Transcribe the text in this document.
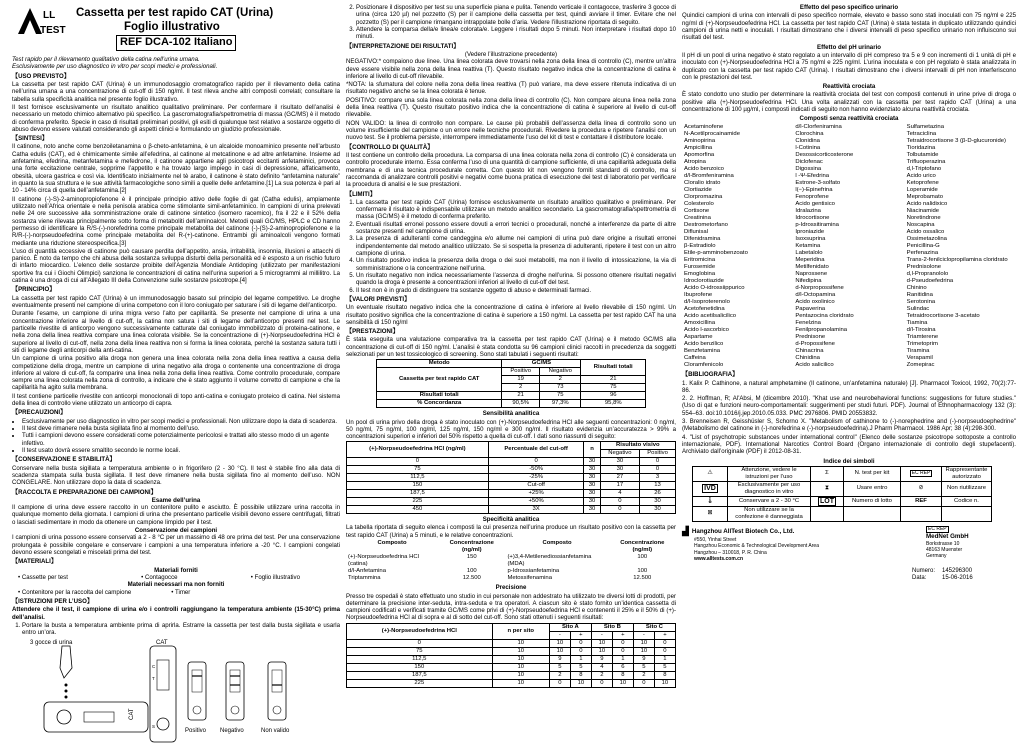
LL
TEST
Cassetta per test rapido CAT (Urina)
Foglio illustrativo
REF DCA-102 Italiano

Test rapido per il rilevamento qualitativo della catina nell’urina umana.
Esclusivamente per uso diagnostico in vitro per scopi medici e professionali.

【USO PREVISTO】

La cassetta per test rapido CAT (Urina) è un immunodosaggio cromatografico rapido per il rilevamento della catina nell’urina umana a una concentrazione di cut-off di 150 ng/ml. Il test rileva anche altri composti correlati; consultare la tabella sulla specificità analitica nel presente foglio illustrativo.

Il test fornisce esclusivamente un risultato analitico qualitativo preliminare. Per confermare il risultato dell’analisi è necessario un metodo chimico alternativo più specifico. La gascromatografia/spettrometria di massa (GC/MS) è il metodo di conferma preferito. Specie in caso di risultati preliminari positivi, gli esiti di qualunque test relativo a sostanze oggetto di abuso devono essere valutati considerando gli aspetti clinici e formulando un giudizio professionale.

【SINTESI】

Il catinone, noto anche come benzoiletanamina o β-cheto-anfetamina, è un alcaloide monoaminico presente nell’arbusto Catha edulis (CAT), ed è chimicamente simile all’efedrina, al catinone al metcatinone e ad altre anfetamine. Insieme ad anfetamina, efedrina, metanfetamina e mefedrone, il catinone appartiene agli psicotropi eccitanti anfetaminici, provoca una forte eccitazione centrale, sopprime l’appetito e ha trovato largo impiego in casi di depressione, affaticamento, obesità, ulcera gastrica e così via. Identificato inizialmente nel tè arabo, il catinone è stato definito “anfetamina naturale” in quanto la sua struttura e le sue attività farmacologiche sono simili a quelle delle anfetamine.[1] La sua potenza è pari al 10 - 14% circa di quella dell’anfetamina.[2]

Il catinone (-)-S)-2-aminopropiofenone è il principale principio attivo delle foglie di gat (Catha edulis), ampiamente utilizzato nell’Africa orientale e nella penisola arabica come stimolante simil-anfetaminico. In campioni di urina prelevati nelle 24 ore successive alla somministrazione orale di catinone sintetico (isomero racemico), fra il 22 e il 52% della sostanza viene rilevata principalmente sotto forma di metaboliti dell’aminoalcol. Metodi quali GC/MS, HPLC e CD hanno permesso di identificare la R/S-(-)-norefedrina come principale metabolita del catinone (-)-(S)-2-aminopropiofenone e la R/R-(-)-norpseudoefedrina come principale metabolita del R-(+)-catinone. Entrambi gli aminoalcoli vengono formati mediante una riduzione stereospecifica.[3]

L’uso di quantità eccessive di catinone può causare perdita dell’appetito, ansia, irritabilità, insonnia, illusioni e attacchi di panico. È noto da tempo che chi abusa della sostanza sviluppa disturbi della personalità ed è esposto a un rischio futuro di infarto miocardico. L’elenco delle sostanze proibite dell’Agenzia Mondiale Antidoping (utilizzato per manifestazioni sportive fra cui i Giochi Olimpici) sanziona le concentrazioni di catina nell’urina superiori a 5 microgrammi al millilitro. La catina è una droga di cui all’Allegato III della Convenzione sulle sostanze psicotrope.[4]

【PRINCIPIO】

La cassetta per test rapido CAT (Urina) è un immunodosaggio basato sul principio del legame competitivo. Le droghe eventualmente presenti nel campione di urina competono con il loro coniugato per saturare i siti di legame dell’anticorpo.

Durante l’esame, un campione di urina migra verso l’alto per capillarità. Se presente nel campione di urina a una concentrazione inferiore al livello di cut-off, la catina non satura i siti di legame dell’anticorpo presenti nel test. Le particelle rivestite di anticorpo vengono successivamente catturate dal coniugato immobilizzato di proteina-catinone, e nella zona della linea reattiva compare una linea colorata visibile. Se la concentrazione di (+)-Norpseudoefedrina HCl è superiore al livello di cut-off, nella zona della linea reattiva non si forma la linea colorata, perché la sostanza satura tutti i siti di legame degli anticorpi della anti-catina.

Un campione di urina positivo alla droga non genera una linea colorata nella zona della linea reattiva a causa della competizione della droga, mentre un campione di urina negativo alla droga o contenente una concentrazione di droga inferiore al valore di cut-off, fa comparire una linea nella zona della linea reattiva. Come controllo procedurale, compare sempre una linea colorata nella zona di controllo, a indicare che è stato aggiunto il volume corretto di campione e che la capillarità ha agito sulla membrana.

Il test contiene particelle rivestite con anticorpi monoclonali di topo anti-catina e coniugato proteico di catina. Nel sistema della linea di controllo viene utilizzato un anticorpo di capra.

【PRECAUZIONI】
• Esclusivamente per uso diagnostico in vitro per scopi medici e professionali. Non utilizzare dopo la data di scadenza.
• Il test deve rimanere nella busta sigillata fino al momento dell’uso.
• Tutti i campioni devono essere considerati come potenzialmente pericolosi e trattati allo stesso modo di un agente infettivo.
• Il test usato dovrà essere smaltito secondo le norme locali.
【CONSERVAZIONE E STABILITÀ】

Conservare nella busta sigillata a temperatura ambiente o in frigorifero (2 - 30 °C). Il test è stabile fino alla data di scadenza stampata sulla busta sigillata. Il test deve rimanere nella busta sigillata fino al momento dell’uso. NON CONGELARE. Non utilizzare dopo la data di scadenza.

【RACCOLTA E PREPARAZIONE DEI CAMPIONI】
Esame dell’urina

Il campione di urina deve essere raccolto in un contenitore pulito e asciutto. È possibile utilizzare urina raccolta in qualunque momento della giornata. I campioni di urina che presentano particelle visibili devono essere centrifugati, filtrati o lasciati sedimentare in modo da ottenere un campione limpido per il test.

Conservazione dei campioni

I campioni di urina possono essere conservati a 2 - 8 °C per un massimo di 48 ore prima del test. Per una conservazione prolungata è possibile congelare e conservare i campioni a una temperatura inferiore a -20 °C. I campioni congelati devono essere scongelati e miscelati prima del test.

【MATERIALI】
Materiali forniti
• Cassette per test	• Contagocce	• Foglio illustrativo
Materiali necessari ma non forniti
• Contenitore per la raccolta del campione	• Timer
【ISTRUZIONI PER L’USO】

Attendere che il test, il campione di urina e/o i controlli raggiungano la temperatura ambiente (15-30°C) prima dell’analisi.

1. Portare la busta a temperatura ambiente prima di aprirla. Estrarre la cassetta per test dalla busta sigillata e usarla entro un’ora.
3 gocce di urina
CAT
CAT
C
T
S
Positivo Negativo	Non valido
2. Posizionare il dispositivo per test su una superficie piana e pulita. Tenendo verticale il contagocce, trasferire 3 gocce di urina (circa 120 µl) nel pozzetto (S) per il campione della cassetta per test, quindi avviare il timer. Evitare che nel pozzetto (S) per il campione rimangano intrappolate bolle d’aria. Vedere l’illustrazione riportata di seguito.
3. Attendere la comparsa della/e linea/e colorata/e. Leggere i risultati dopo 5 minuti. Non interpretare i risultati dopo 10 minuti.
【INTERPRETAZIONE DEI RISULTATI】
(Vedere l’illustrazione precedente)

NEGATIVO:* compaiono due linee. Una linea colorata deve trovarsi nella zona della linea di controllo (C), mentre un’altra deve essere visibile nella zona della linea reattiva (T). Questo risultato negativo indica che la concentrazione di catina è inferiore al livello di cut-off rilevabile.

*NOTA: la sfumatura del colore nella zona della linea reattiva (T) può variare, ma deve essere ritenuta indicativa di un risultato negativo anche se la linea colorata è tenue.

POSITIVO: compare una sola linea colorata nella zona della linea di controllo (C). Non compare alcuna linea nella zona della linea reattiva (T). Questo risultato positivo indica che la concentrazione di catina è superiore al livello di cut-off rilevabile.

NON VALIDO: la linea di controllo non compare. Le cause più probabili dell’assenza della linea di controllo sono un volume insufficiente del campione o un errore nelle tecniche procedurali. Rivedere la procedura e ripetere l’analisi con un nuovo test. Se il problema persiste, interrompere immediatamente l’uso del kit di test e contattare il distributore locale.

【CONTROLLO DI QUALITÀ】

Il test contiene un controllo della procedura. La comparsa di una linea colorata nella zona di controllo (C) è considerata un controllo procedurale interno. Essa conferma l’uso di una quantità di campione sufficiente, di una capillarità adeguata della membrana e di una tecnica procedurale corretta. Con questo kit non vengono forniti standard di controllo, ma si raccomanda di analizzare controlli positivi e negativi come buona pratica di esecuzione dei test di laboratorio per verificare la procedura di analisi e le sue prestazioni.

【LIMITI】
1. La cassetta per test rapido CAT (Urina) fornisce esclusivamente un risultato analitico qualitativo e preliminare. Per confermare il risultato è indispensabile utilizzare un metodo analitico secondario. La gascromatografia/spettrometria di massa (GC/MS) è il metodo di conferma preferito.
2. Eventuali risultati erronei possono essere dovuti a errori tecnici o procedurali, nonché a interferenze da parte di altre sostanze presenti nel campione di urina.
3. La presenza di adulteranti come candeggina e/o allume nei campioni di urina può dare origine a risultati erronei indipendentemente dal metodo analitico utilizzato. Se si sospetta la presenza di adulteranti, ripetere il test con un altro campione di urina.
4. Un risultato positivo indica la presenza della droga o dei suoi metaboliti, ma non il livello di intossicazione, la via di somministrazione o la concentrazione nell’urina.
5. Un risultato negativo non indica necessariamente l’assenza di droghe nell’urina. Si possono ottenere risultati negativi quando la droga è presente a concentrazioni inferiori al livello di cut-off del test.
6. Il test non è in grado di distinguere tra sostanze oggetto di abuso e determinati farmaci.
【VALORI PREVISTI】

Un eventuale risultato negativo indica che la concentrazione di catina è inferiore al livello rilevabile di 150 ng/ml. Un risultato positivo significa che la concentrazione di catina è superiore a 150 ng/ml. La cassetta per test rapido CAT ha una sensibilità di 150 ng/ml

【PRESTAZIONI】

È stata eseguita una valutazione comparativa tra la cassetta per test rapido CAT (Urina) e il metodo GC/MS alla concentrazione di cut-off di 150 ng/ml. L’analisi è stata condotta su 96 campioni clinici raccolti in precedenza da soggetti selezionati per un test tossicologico di screening. Sono stati tabulati i seguenti risultati:

Metodo	GC/MS		Risultati totali
Cassetta per test rapido CAT	Positivo	Negativo	
	19	2	21
	2	73	75
Risultati totali	21	75	96
% Concordanza	90,5%	97,3%	95,8%
Sensibilità analitica

Un pool di urina privo della droga è stato inoculato con (+)-Norpseudoefedrina HCl alle seguenti concentrazioni: 0 ng/ml, 50 ng/ml, 75 ng/ml, 100 ng/ml, 125 ng/ml, 150 ng/ml e 300 ng/ml. Il risultato evidenzia un’accuratezza > 99% a concentrazioni superiori e inferiori del 50% rispetto a quella di cut-off. I dati sono riassunti di seguito:

(+)-Norpseudoefedrina HCl (ng/ml)	Percentuale del cut-off	n	Risultato visivo	
			Negativo	Positivo
0	0	30	30	0
75	-50%	30	30	0
112,5	-25%	30	27	3
150	Cut-off	30	17	13
187,5	+25%	30	4	26
225	+50%	30	0	30
450	3X	30	0	30
Specificità analitica

La tabella riportata di seguito elenca i composti la cui presenza nell’urina produce un risultato positivo con la cassetta per test rapido CAT (Urina) a 5 minuti, e le relative concentrazioni.

Composto	Concentrazione (ng/ml)	Composto	Concentrazione (ng/ml)
(+)-Norpseudoefedrina HCl (catina)	150	(+)3,4-Metilenediossianfetamina (MDA)	100
d/l-Anfetamina	100	p-Idrossianfetamina	100
Triptammina	12.500	Metossifenamina	12.500
Precisione

Presso tre ospedali è stato effettuato uno studio in cui personale non addestrato ha utilizzato tre diversi lotti di prodotti, per determinare la precisione inter-seduta, intra-seduta e tra operatori. A ciascun sito è stato fornito un’identica cassetta di campioni codificati e verificati tramite GC/MS come privi di (+)-Norpseudoefedrina HCl e contenenti il 25% e il 50% di (+)-Norpseudoefedrina HCl al di sopra e al di sotto del cut-off. Sono stati ottenuti i seguenti risultati:

(+)-Norpseudoefedrina HCl	n per sito	Sito A		Sito B		Sito C	
		-	+	-	+	-	+
0	10	10	0	10	0	10	0
75	10	10	0	10	0	10	0
112,5	10	9	1	9	1	9	1
150	10	5	5	4	6	5	5
187,5	10	2	8	2	8	2	8
225	10	0	10	0	10	0	10
Effetto del peso specifico urinario

Quindici campioni di urina con intervalli di peso specifico normale, elevato e basso sono stati inoculati con 75 ng/ml e 225 ng/ml di (+)-Norpseudoefedrina HCl. La cassetta per test rapido CAT (Urina) è stata testata in duplicato utilizzando quindici campioni di urina netti e inoculati. I risultati dimostrano che i diversi intervalli di peso specifico urinario non influiscono sui risultati del test.

Effetto del pH urinario

Il pH di un pool di urina negativo è stato regolato a un intervallo di pH compreso tra 5 e 9 con incrementi di 1 unità di pH e inoculato con (+)-Norpseudoefedrina HCl a 75 ng/ml e 225 ng/ml. L’urina inoculata e con pH regolato è stata analizzata in duplicato con la cassetta per test rapido CAT (Urina). I risultati dimostrano che i diversi intervalli di pH non interferiscono con le prestazioni del test.

Reattività crociata

È stato condotto uno studio per determinare la reattività crociata del test con composti contenuti in urine prive di droga o positive alla (+)-Norpseudoefedrina HCl. Una volta analizzati con la cassetta per test rapido CAT (Urina) a una concentrazione di 100 µg/ml, i composti indicati di seguito non hanno evidenziato alcuna reattività crociata.

Composti senza reattività crociata
Acetaminofene	d/l-Clorfeniramina	Sulfametazina
N-Acetilprocainamide	Clorochina	Tetraciclina
Aminopirina	Clonidina	Tetraidrocortisone 3 (β-D-glucuronide)
Ampicillina	l-Cotinina	Tioridazina
Apomorfina	Desossicorticosterone	Tolbutamide
Atropina	Diclofenac	Trifluoperazina
Acido benzoico	Digossina	d,l-Triptofano
d/l-Bromfeniramina	l -Ψ-Efedrina	Acido urico
Cloralio idrato	Estrone-3-solfato	Ketoprofene
Clortiazide	l(−)-Epinefrina	Loperamide
Clorpromazina	Fenoprofene	Meprobamato
Colesterolo	Acido gentisico	Acido nalidixico
Cortisone	Idralazina	Niacinamide
Creatinina	Idrocortisone	Noretindrone
Destrometorfano	p-Idrossitiramina	Noscapina
Diflunisal	Iproniazide	Acido ossalico
Difenidramina	Isoxsuprina	Ossimetazolina
β-Estradiolo	Ketamina	Penicillina-G
Etile-p-amminobenzoato	Labetalolo	Perfenazina
Eritromicina	Meperidina	Trans-2-fenilciclopropilamina cloridrato
Furosemide	Metilfenidato	Prednisolone
Emoglobina	Naprossene	d,l-Propranololo
Idroclorotiazide	Nifedipina	d-Pseudoefedrina
Acido O-idrossiippurico	d-Norpropossifene	Chinino
Ibuprofene	d/l-Octopamina	Ranitidina
d/l-Isoproterenolo	Acido oxolinico	Serotonina
Acetofenetidina	Papaverina	Sulindac
Acido acetilsalicilico	Pentazocina cloridrato	Tetraidrocortisone 3-acetato
Amoxicillina	Fenelzina	Tiamina
Acido l-ascorbico	Fenilpropanolamina	d/l-Tirosina
Aspartame	Prednisone	Triamterene
Acido benzilico	d-Propossifene	Trimetoprim
Benzfetamina	Chinacrina	Tiramina
Caffeina	Chinidina	Verapamil
Cloramfenicolo	Acido salicilico	Zomepirac
【BIBLIOGRAFIA】

1. Kalix P. Cathinone, a natural amphetamine (Il catinone, un’anfetamina naturale) [J]. Pharmacol Toxicol, 1992, 70(2):77-86.

2. 2. Hoffman, R; Al'Absi, M (dicembre 2010). "Khat use and neurobehavioral functions: suggestions for future studies." (Uso di qat e funzioni neuro-comportamentali: suggerimenti per studi futuri. PDF). Journal of Ethnopharmacology 132 (3): 554–63. doi:10.1016/j.jep.2010.05.033. PMC 2976806. PMID 20553832.

3. Brenneisen R, Geisshüsler S, Schorno X. "Metabolism of cathinone to (-)-norephedrine and (-)-norpseudoephedrine" (Metabolismo del catinone in (-)-norefedrina e (-)-norpseudoefedrina).J Pharm Pharmacol. 1986 Apr; 38 (4):298-300.

4. "List of psychotropic substances under international control" (Elenco delle sostanze psicotrope sottoposte a controllo internazionale, PDF). International Narcotics Control Board (Organo internazionale di controllo degli stupefacenti). Archiviato dall’originale (PDF) il 2012-08-31.

Indice dei simboli
⚠	Attenzione, vedere le istruzioni per l’uso	Σ	N. test per kit	EC REP	Rappresentante autorizzato
IVD	Esclusivamente per uso diagnostico in vitro	⧗	Usare entro	⊘	Non riutilizzare
🌡	Conservare a 2 - 30 °C	LOT	Numero di lotto	REF	Codice n.
⊠	Non utilizzare se la confezione è danneggiata				
▟ Hangzhou AllTest Biotech Co., Ltd.
#550, Yinhai Street
Hangzhou Economic & Technological Development Area
Hangzhou – 310018, P. R. China
www.alltests.com.cn
EC REP
MedNet GmbH
Borkstrasse 10
48163 Muenster
Germany
Numero: 145296300
Data:	15-06-2016
